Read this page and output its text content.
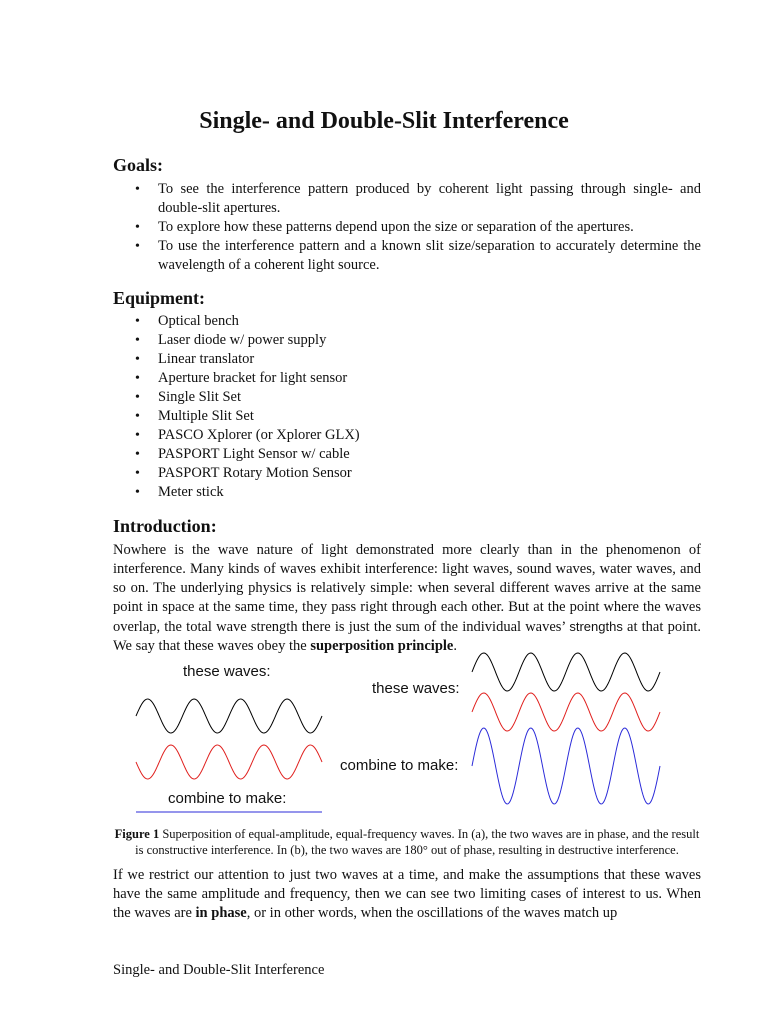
Single- and Double-Slit Interference
Goals:
• To see the interference pattern produced by coherent light passing through single- and double-slit apertures.
• To explore how these patterns depend upon the size or separation of the apertures.
• To use the interference pattern and a known slit size/separation to accurately determine the wavelength of a coherent light source.
Equipment:
• Optical bench
• Laser diode w/ power supply
• Linear translator
• Aperture bracket for light sensor
• Single Slit Set
• Multiple Slit Set
• PASCO Xplorer (or Xplorer GLX)
• PASPORT Light Sensor w/ cable
• PASPORT Rotary Motion Sensor
• Meter stick
Introduction:

Nowhere is the wave nature of light demonstrated more clearly than in the phenomenon of interference. Many kinds of waves exhibit interference: light waves, sound waves, water waves, and so on. The underlying physics is relatively simple: when several different waves arrive at the same point in space at the same time, they pass right through each other. But at the point where the waves overlap, the total wave strength there is just the sum of the individual waves’ strengths at that point. We say that these waves obey the superposition principle.

these waves:
combine to make:
these waves:
combine to make:
Figure 1 Superposition of equal-amplitude, equal-frequency waves. In (a), the two waves are in phase, and the result is constructive interference. In (b), the two waves are 180° out of phase, resulting in destructive interference.

If we restrict our attention to just two waves at a time, and make the assumptions that these waves have the same amplitude and frequency, then we can see two limiting cases of interest to us. When the waves are in phase, or in other words, when the oscillations of the waves match up

Single- and Double-Slit Interference
